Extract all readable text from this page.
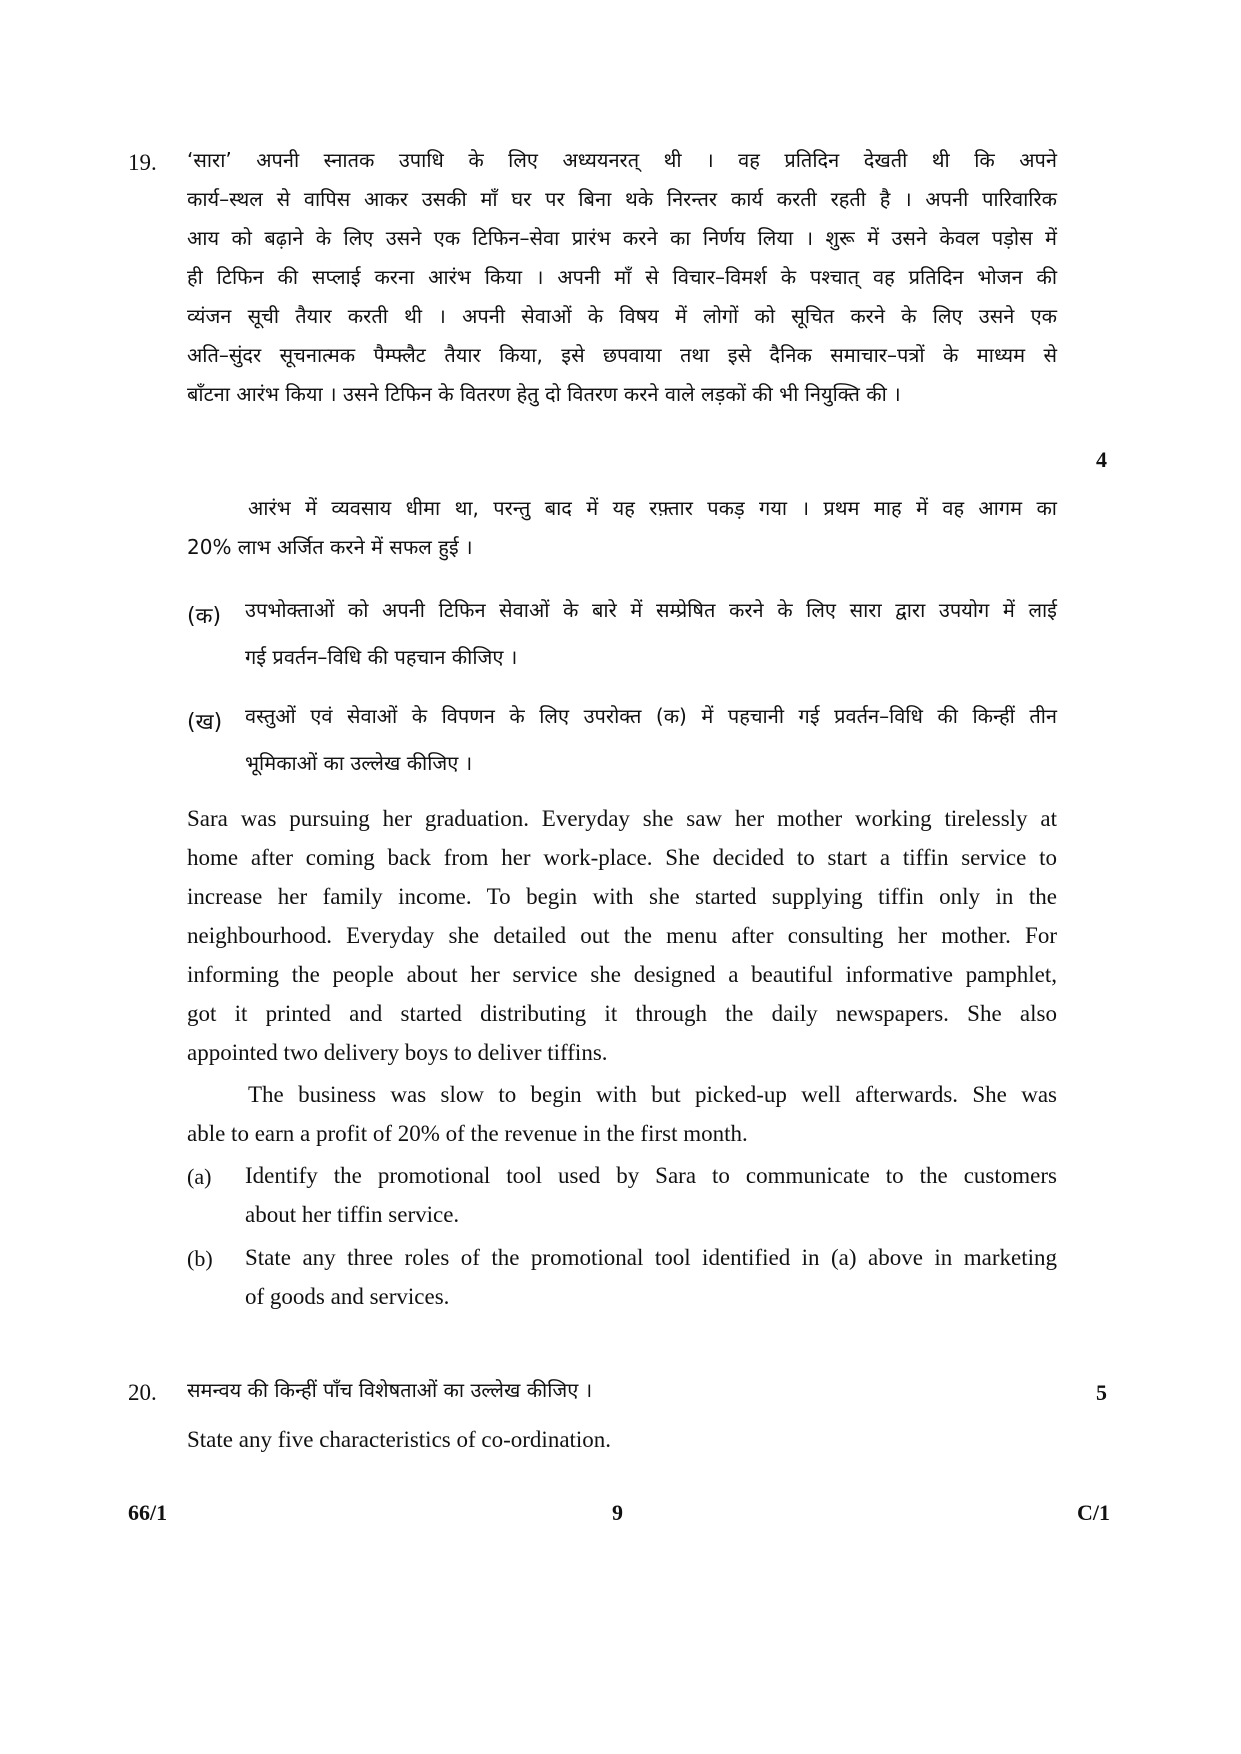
19. ‘सारा’ अपनी स्नातक उपाधि के लिए अध्ययनरत् थी । वह प्रतिदिन देखती थी कि अपने
कार्य–स्थल से वापिस आकर उसकी माँ घर पर बिना थके निरन्तर कार्य करती रहती है । अपनी पारिवारिक
आय को बढ़ाने के लिए उसने एक टिफिन–सेवा प्रारंभ करने का निर्णय लिया । शुरू में उसने केवल पड़ोस में
ही टिफिन की सप्लाई करना आरंभ किया । अपनी माँ से विचार–विमर्श के पश्चात् वह प्रतिदिन भोजन की
व्यंजन सूची तैयार करती थी । अपनी सेवाओं के विषय में लोगों को सूचित करने के लिए उसने एक
अति–सुंदर सूचनात्मक पैम्फ्लैट तैयार किया, इसे छपवाया तथा इसे दैनिक समाचार–पत्रों के माध्यम से
बाँटना आरंभ किया । उसने टिफिन के वितरण हेतु दो वितरण करने वाले लड़कों की भी नियुक्ति की ।
4
आरंभ में व्यवसाय धीमा था, परन्तु बाद में यह रफ़्तार पकड़ गया । प्रथम माह में वह आगम का
20% लाभ अर्जित करने में सफल हुई ।
(क) उपभोक्ताओं को अपनी टिफिन सेवाओं के बारे में सम्प्रेषित करने के लिए सारा द्वारा उपयोग में लाई
गई प्रवर्तन–विधि की पहचान कीजिए ।
(ख) वस्तुओं एवं सेवाओं के विपणन के लिए उपरोक्त (क) में पहचानी गई प्रवर्तन–विधि की किन्हीं तीन
भूमिकाओं का उल्लेख कीजिए ।
Sara was pursuing her graduation. Everyday she saw her mother working tirelessly at
home after coming back from her work-place. She decided to start a tiffin service to
increase her family income. To begin with she started supplying tiffin only in the
neighbourhood. Everyday she detailed out the menu after consulting her mother. For
informing the people about her service she designed a beautiful informative pamphlet,
got it printed and started distributing it through the daily newspapers. She also
appointed two delivery boys to deliver tiffins.
The business was slow to begin with but picked-up well afterwards. She was
able to earn a profit of 20% of the revenue in the first month.
(a) Identify the promotional tool used by Sara to communicate to the customers
about her tiffin service.
(b) State any three roles of the promotional tool identified in (a) above in marketing
of goods and services.
20. समन्वय की किन्हीं पाँच विशेषताओं का उल्लेख कीजिए ।	5
State any five characteristics of co-ordination.
66/1	9	C/1
